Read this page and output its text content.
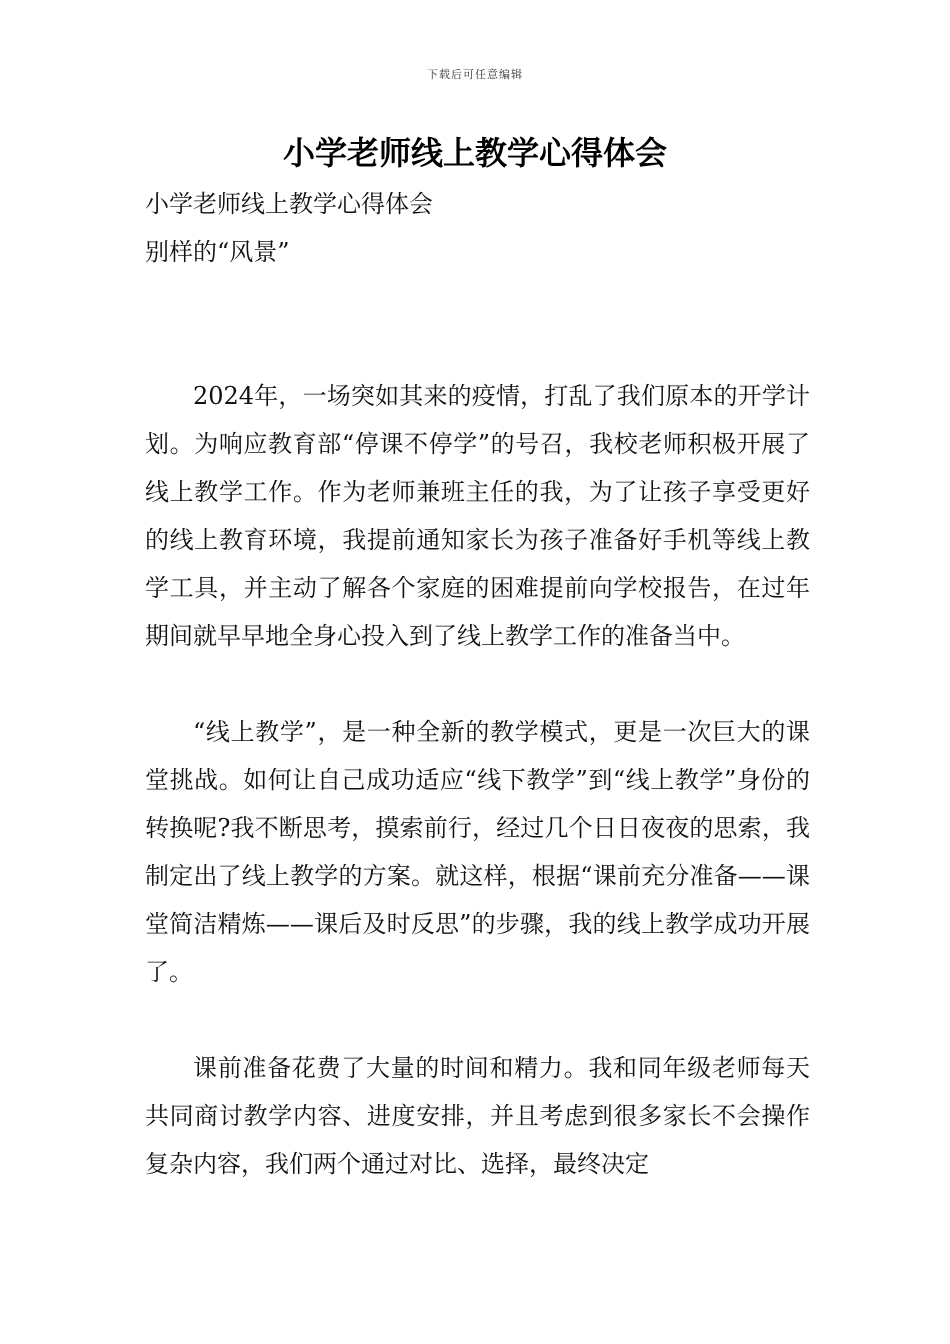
下载后可任意编辑
小学老师线上教学心得体会

小学老师线上教学心得体会

别样的“风景”

2024年，一场突如其来的疫情，打乱了我们原本的开学计划。为响应教育部“停课不停学”的号召，我校老师积极开展了线上教学工作。作为老师兼班主任的我，为了让孩子享受更好的线上教育环境，我提前通知家长为孩子准备好手机等线上教学工具，并主动了解各个家庭的困难提前向学校报告，在过年期间就早早地全身心投入到了线上教学工作的准备当中。

“线上教学”，是一种全新的教学模式，更是一次巨大的课堂挑战。如何让自己成功适应“线下教学”到“线上教学”身份的转换呢?我不断思考，摸索前行，经过几个日日夜夜的思索，我制定出了线上教学的方案。就这样，根据“课前充分准备——课堂简洁精炼——课后及时反思”的步骤，我的线上教学成功开展了。

课前准备花费了大量的时间和精力。我和同年级老师每天共同商讨教学内容、进度安排，并且考虑到很多家长不会操作复杂内容，我们两个通过对比、选择，最终决定
